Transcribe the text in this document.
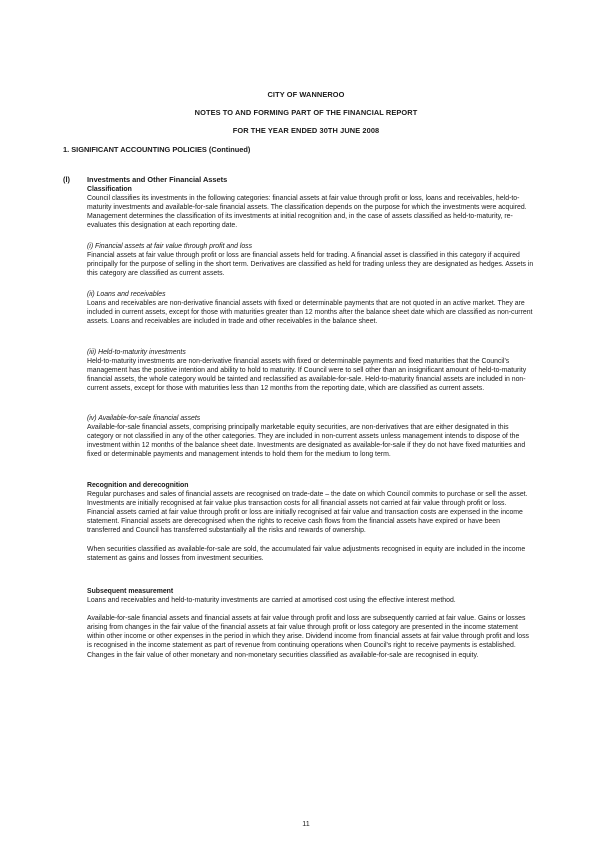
CITY OF WANNEROO
NOTES TO AND FORMING PART OF THE FINANCIAL REPORT
FOR THE YEAR ENDED 30TH JUNE 2008
1. SIGNIFICANT ACCOUNTING POLICIES (Continued)
(l) Investments and Other Financial Assets

Classification

Council classifies its investments in the following categories: financial assets at fair value through profit or loss, loans and receivables, held-to-maturity investments and available-for-sale financial assets. The classification depends on the purpose for which the investments were acquired. Management determines the classification of its investments at initial recognition and, in the case of assets classified as held-to-maturity, re-evaluates this designation at each reporting date.

(i) Financial assets at fair value through profit and loss

Financial assets at fair value through profit or loss are financial assets held for trading. A financial asset is classified in this category if acquired principally for the purpose of selling in the short term. Derivatives are classified as held for trading unless they are designated as hedges. Assets in this category are classified as current assets.

(ii) Loans and receivables

Loans and receivables are non-derivative financial assets with fixed or determinable payments that are not quoted in an active market. They are included in current assets, except for those with maturities greater than 12 months after the balance sheet date which are classified as non-current assets. Loans and receivables are included in trade and other receivables in the balance sheet.

(iii) Held-to-maturity investments

Held-to-maturity investments are non-derivative financial assets with fixed or determinable payments and fixed maturities that the Council's management has the positive intention and ability to hold to maturity. If Council were to sell other than an insignificant amount of held-to-maturity financial assets, the whole category would be tainted and reclassified as available-for-sale. Held-to-maturity financial assets are included in non-current assets, except for those with maturities less than 12 months from the reporting date, which are classified as current assets.

(iv) Available-for-sale financial assets

Available-for-sale financial assets, comprising principally marketable equity securities, are non-derivatives that are either designated in this category or not classified in any of the other categories. They are included in non-current assets unless management intends to dispose of the investment within 12 months of the balance sheet date. Investments are designated as available-for-sale if they do not have fixed maturities and fixed or determinable payments and management intends to hold them for the medium to long term.

Recognition and derecognition

Regular purchases and sales of financial assets are recognised on trade-date – the date on which Council commits to purchase or sell the asset. Investments are initially recognised at fair value plus transaction costs for all financial assets not carried at fair value through profit or loss. Financial assets carried at fair value through profit or loss are initially recognised at fair value and transaction costs are expensed in the income statement. Financial assets are derecognised when the rights to receive cash flows from the financial assets have expired or have been transferred and Council has transferred substantially all the risks and rewards of ownership.

When securities classified as available-for-sale are sold, the accumulated fair value adjustments recognised in equity are included in the income statement as gains and losses from investment securities.

Subsequent measurement

Loans and receivables and held-to-maturity investments are carried at amortised cost using the effective interest method.

Available-for-sale financial assets and financial assets at fair value through profit and loss are subsequently carried at fair value. Gains or losses arising from changes in the fair value of the financial assets at fair value through profit or loss category are presented in the income statement within other income or other expenses in the period in which they arise. Dividend income from financial assets at fair value through profit and loss is recognised in the income statement as part of revenue from continuing operations when Council's right to receive payments is established. Changes in the fair value of other monetary and non-monetary securities classified as available-for-sale are recognised in equity.

11
